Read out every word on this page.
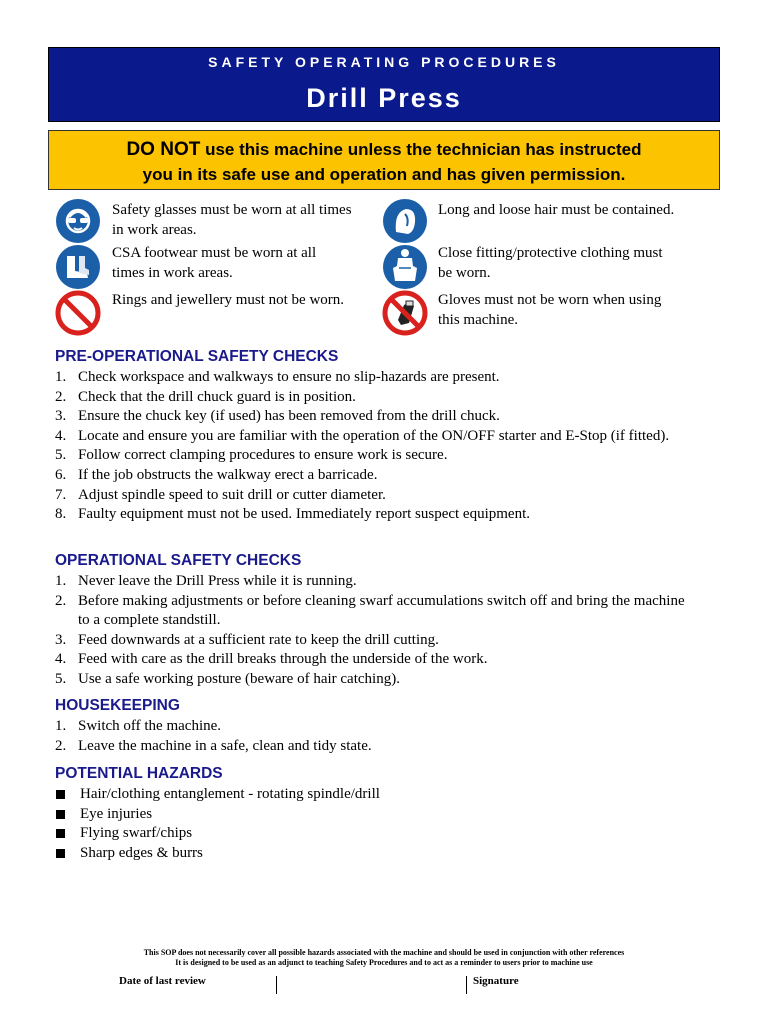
SAFETY OPERATING PROCEDURES
Drill Press
DO NOT use this machine unless the technician has instructed
you in its safe use and operation and has given permission.
Safety glasses must be worn at all times in work areas.
Long and loose hair must be contained.
CSA footwear must be worn at all times in work areas.
Close fitting/protective clothing must be worn.
Rings and jewellery must not be worn.	Gloves must not be worn when using this machine.
PRE-OPERATIONAL SAFETY CHECKS
1. Check workspace and walkways to ensure no slip-hazards are present.
2. Check that the drill chuck guard is in position.
3. Ensure the chuck key (if used) has been removed from the drill chuck.
4. Locate and ensure you are familiar with the operation of the ON/OFF starter and E-Stop (if fitted).
5. Follow correct clamping procedures to ensure work is secure.
6. If the job obstructs the walkway erect a barricade.
7. Adjust spindle speed to suit drill or cutter diameter.
8. Faulty equipment must not be used. Immediately report suspect equipment.
OPERATIONAL SAFETY CHECKS
1. Never leave the Drill Press while it is running.
2. Before making adjustments or before cleaning swarf accumulations switch off and bring the machine to a complete standstill.
3. Feed downwards at a sufficient rate to keep the drill cutting.
4. Feed with care as the drill breaks through the underside of the work.
5. Use a safe working posture (beware of hair catching).
HOUSEKEEPING
1. Switch off the machine.
2. Leave the machine in a safe, clean and tidy state.
POTENTIAL HAZARDS
Hair/clothing entanglement - rotating spindle/drill
Eye injuries
Flying swarf/chips
Sharp edges & burrs
This SOP does not necessarily cover all possible hazards associated with the machine and should be used in conjunction with other references
It is designed to be used as an adjunct to teaching Safety Procedures and to act as a reminder to users prior to machine use
Date of last review	Signature
